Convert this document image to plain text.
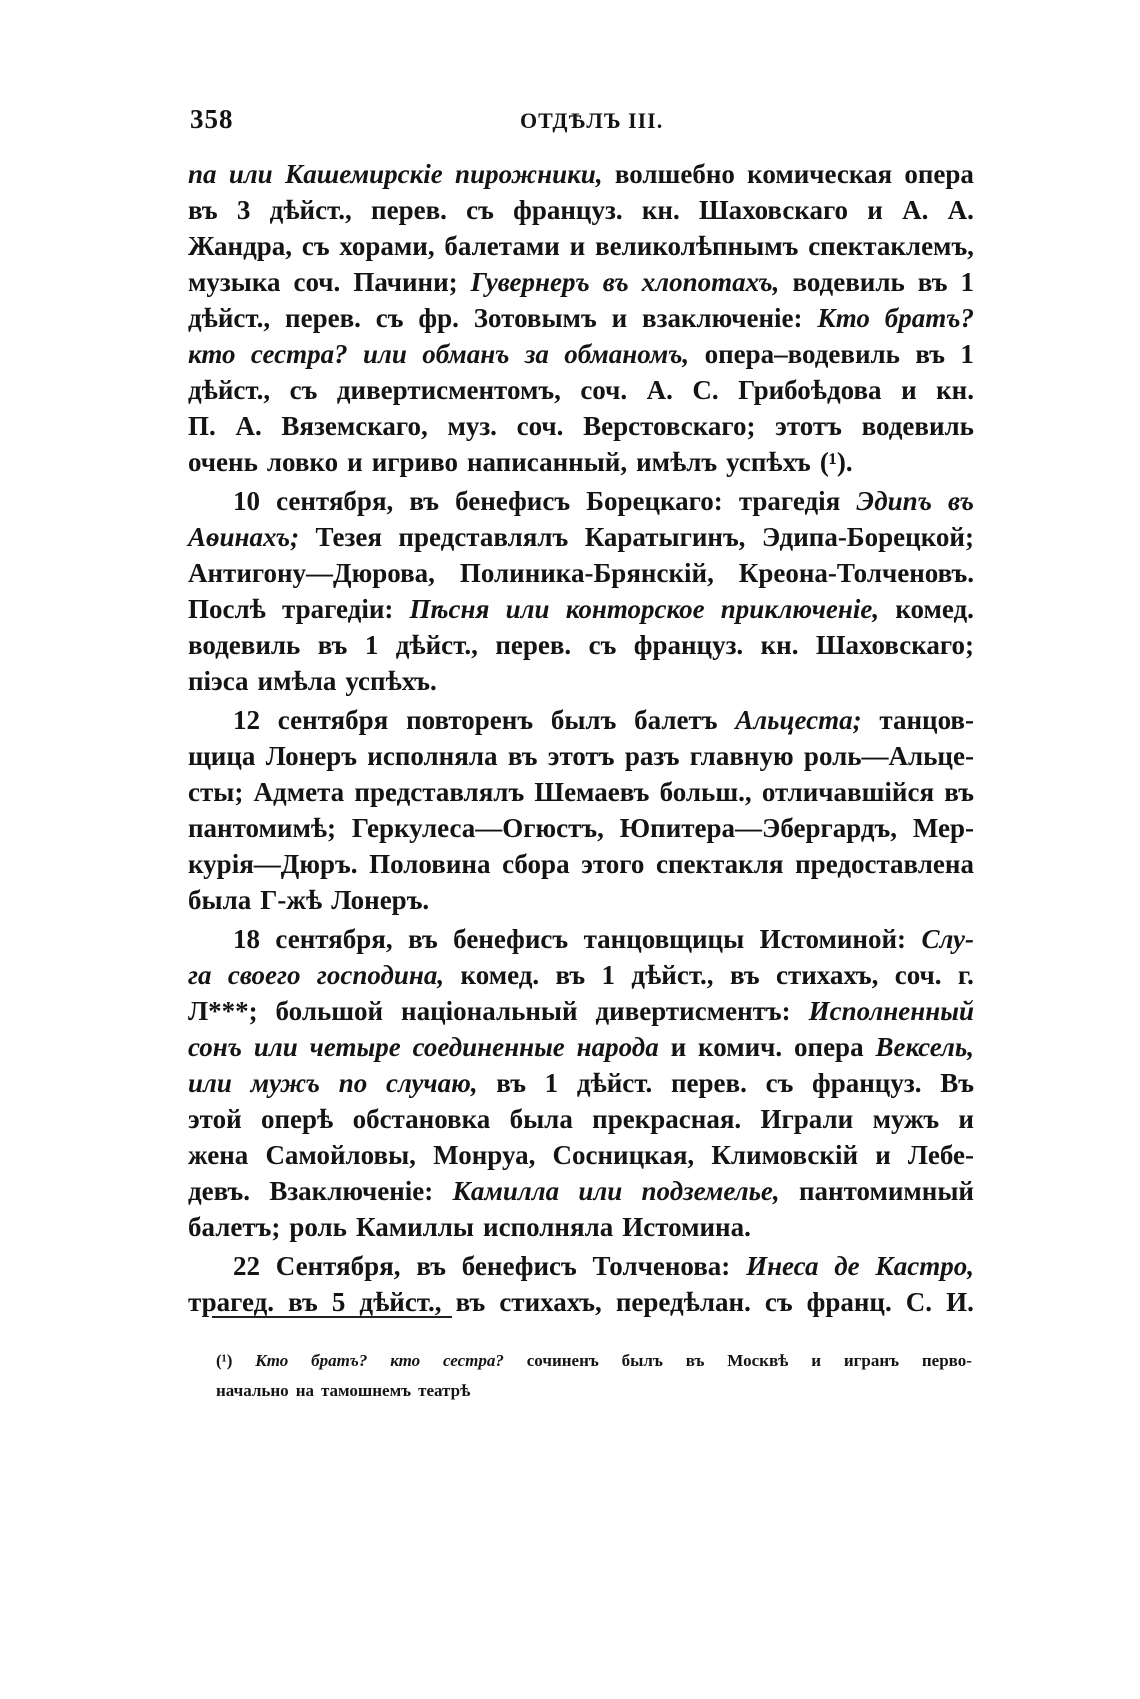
358	ОТДѢЛЪ III.
па или Кашемирскіе пирожники, волшебно комическая опера
въ 3 дѣйст., перев. съ француз. кн. Шаховскаго и А. А.
Жандра, съ хорами, балетами и великолѣпнымъ спектаклемъ,
музыка соч. Пачини; Гувернеръ въ хлопотахъ, водевиль въ 1
дѣйст., перев. съ фр. Зотовымъ и взаключеніе: Кто братъ?
кто сестра? или обманъ за обманомъ, опера–водевиль въ 1
дѣйст., съ дивертисментомъ, соч. А. С. Грибоѣдова и кн.
П. А. Вяземскаго, муз. соч. Верстовскаго; этотъ водевиль
очень ловко и игриво написанный, имѣлъ успѣхъ (¹).
10 сентября, въ бенефисъ Борецкаго: трагедія Эдипъ въ
Аѳинахъ; Тезея представлялъ Каратыгинъ, Эдипа-Борецкой;
Антигону—Дюрова, Полиника-Брянскій, Креона-Толченовъ.
Послѣ трагедіи: Пѣсня или конторское приключеніе, комед.
водевиль въ 1 дѣйст., перев. съ француз. кн. Шаховскаго;
піэса имѣла успѣхъ.
12 сентября повторенъ былъ балетъ Альцеста; танцов-
щица Лонеръ исполняла въ этотъ разъ главную роль—Альце-
сты; Адмета представлялъ Шемаевъ больш., отличавшійся въ
пантомимѣ; Геркулеса—Огюстъ, Юпитера—Эбергардъ, Мер-
курія—Дюръ. Половина сбора этого спектакля предоставлена
была Г-жѣ Лонеръ.
18 сентября, въ бенефисъ танцовщицы Истоминой: Слу-
га своего господина, комед. въ 1 дѣйст., въ стихахъ, соч. г.
Л***; большой національный дивертисментъ: Исполненный
сонъ или четыре соединенные народа и комич. опера Вексель,
или мужъ по случаю, въ 1 дѣйст. перев. съ француз. Въ
этой оперѣ обстановка была прекрасная. Играли мужъ и
жена Самойловы, Монруа, Сосницкая, Климовскій и Лебе-
девъ. Взаключеніе: Камилла или подземелье, пантомимный
балетъ; роль Камиллы исполняла Истомина.
22 Сентября, въ бенефисъ Толченова: Инеса де Кастро,
трагед. въ 5 дѣйст., въ стихахъ, передѣлан. съ франц. С. И.
(¹) Кто братъ? кто сестра? сочиненъ былъ въ Москвѣ и игранъ перво-
начально на тамошнемъ театрѣ
